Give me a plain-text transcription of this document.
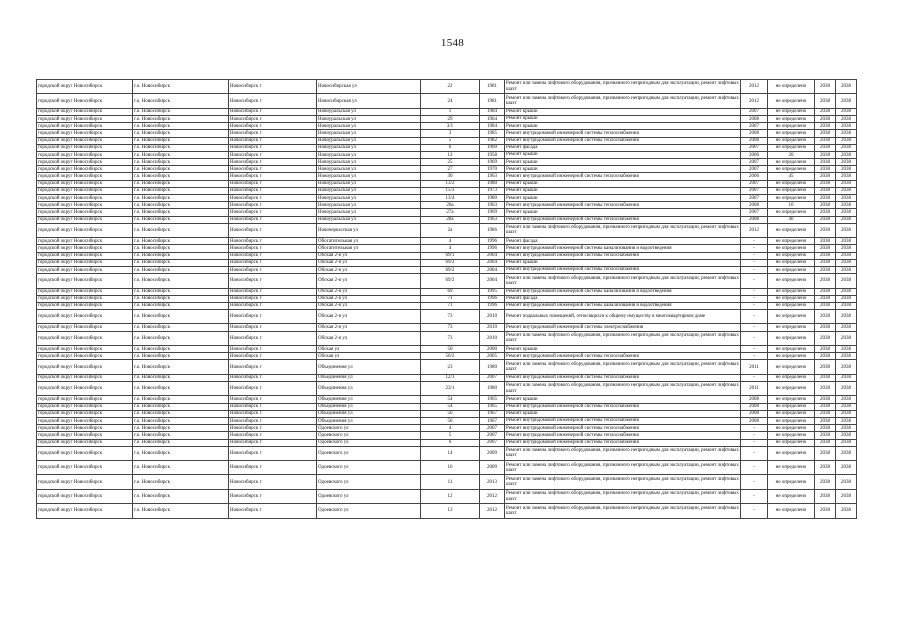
1548
городской округ Новосибирск	г.о. Новосибирск	Новосибирск г	Новосибирская ул	22	1981	Ремонт или замена лифтового оборудования, признанного непригодным для эксплуатации, ремонт лифтовых шахт	2012	не определено	2038	2038
городской округ Новосибирск	г.о. Новосибирск	Новосибирск г	Новосибирская ул	24	1981	Ремонт или замена лифтового оборудования, признанного непригодным для эксплуатации, ремонт лифтовых шахт	2012	не определено	2038	2038
городской округ Новосибирск	г.о. Новосибирск	Новосибирск г	Новоуральская ул	1	1984	Ремонт крыши	2007	не определено	2038	2038
городской округ Новосибирск	г.о. Новосибирск	Новосибирск г	Новоуральская ул	29	1964	Ремонт крыши	2008	не определено	2038	2038
городской округ Новосибирск	г.о. Новосибирск	Новосибирск г	Новоуральская ул	3/1	1984	Ремонт крыши	2007	не определено	2038	2038
городской округ Новосибирск	г.о. Новосибирск	Новосибирск г	Новоуральская ул	3	1985	Ремонт внутридомовой инженерной системы теплоснабжения	2008	не определено	2038	2038
городской округ Новосибирск	г.о. Новосибирск	Новосибирск г	Новоуральская ул	5	1982	Ремонт внутридомовой инженерной системы теплоснабжения	2008	не определено	2038	2038
городской округ Новосибирск	г.о. Новосибирск	Новосибирск г	Новоуральская ул	6	1960	Ремонт фасада	2007	не определено	2038	2038
городской округ Новосибирск	г.о. Новосибирск	Новосибирск г	Новоуральская ул	12	1958	Ремонт крыши	2006	20	2038	2038
городской округ Новосибирск	г.о. Новосибирск	Новосибирск г	Новоуральская ул	25	1969	Ремонт крыши	2007	не определено	2038	2038
городской округ Новосибирск	г.о. Новосибирск	Новосибирск г	Новоуральская ул	27	1970	Ремонт крыши	2007	не определено	2038	2038
городской округ Новосибирск	г.о. Новосибирск	Новосибирск г	Новоуральская ул	30	1963	Ремонт внутридомовой инженерной системы теплоснабжения	2006	45	2038	2038
городской округ Новосибирск	г.о. Новосибирск	Новосибирск г	Новоуральская ул	13/2	1980	Ремонт крыши	2007	не определено	2038	2038
городской округ Новосибирск	г.о. Новосибирск	Новосибирск г	Новоуральская ул	15/3	1973	Ремонт крыши	2007	не определено	2038	2038
городской округ Новосибирск	г.о. Новосибирск	Новосибирск г	Новоуральская ул	13/4	1980	Ремонт крыши	2007	не определено	2038	2038
городской округ Новосибирск	г.о. Новосибирск	Новосибирск г	Новоуральская ул	26а	1963	Ремонт внутридомовой инженерной системы теплоснабжения	2008	10	2038	2038
городской округ Новосибирск	г.о. Новосибирск	Новосибирск г	Новоуральская ул	27а	1969	Ремонт крыши	2007	не определено	2038	2038
городской округ Новосибирск	г.о. Новосибирск	Новосибирск г	Новоуральская ул	28а	1963	Ремонт внутридомовой инженерной системы теплоснабжения	2008	40	2038	2038
городской округ Новосибирск	г.о. Новосибирск	Новосибирск г	Новочеркасская ул	2а	1986	Ремонт или замена лифтового оборудования, признанного непригодным для эксплуатации, ремонт лифтовых шахт	2012	не определено	2038	2038
городской округ Новосибирск	г.о. Новосибирск	Новосибирск г	Обогатительная ул	4	1996	Ремонт фасада	-	не определено	2038	2038
городской округ Новосибирск	г.о. Новосибирск	Новосибирск г	Обогатительная ул	4	1996	Ремонт внутридомовой инженерной системы канализования и водоотведения	-	не определено	2038	2038
городской округ Новосибирск	г.о. Новосибирск	Новосибирск г	Обская 2-я ул	69/1	2004	Ремонт внутридомовой инженерной системы теплоснабжения	-	не определено	2038	2038
городской округ Новосибирск	г.о. Новосибирск	Новосибирск г	Обская 2-я ул	69/2	2004	Ремонт крыши	-	не определено	2038	2038
городской округ Новосибирск	г.о. Новосибирск	Новосибирск г	Обская 2-я ул	69/2	2004	Ремонт внутридомовой инженерной системы теплоснабжения	-	не определено	2038	2038
городской округ Новосибирск	г.о. Новосибирск	Новосибирск г	Обская 2-я ул	69/2	2004	Ремонт или замена лифтового оборудования, признанного непригодным для эксплуатации, ремонт лифтовых шахт	-	не определено	2038	2038
городской округ Новосибирск	г.о. Новосибирск	Новосибирск г	Обская 2-я ул	69	1995	Ремонт внутридомовой инженерной системы канализования и водоотведения	-	не определено	2038	2038
городской округ Новосибирск	г.о. Новосибирск	Новосибирск г	Обская 2-я ул	71	1996	Ремонт фасада	-	не определено	2038	2038
городской округ Новосибирск	г.о. Новосибирск	Новосибирск г	Обская 2-я ул	71	1996	Ремонт внутридомовой инженерной системы канализования и водоотведения	-	не определено	2038	2038
городской округ Новосибирск	г.о. Новосибирск	Новосибирск г	Обская 2-я ул	73	2010	Ремонт подвальных помещений, относящихся к общему имуществу в многоквартирном доме	-	не определено	2038	2038
городской округ Новосибирск	г.о. Новосибирск	Новосибирск г	Обская 2-я ул	73	2010	Ремонт внутридомовой инженерной системы электроснабжения	-	не определено	2038	2038
городской округ Новосибирск	г.о. Новосибирск	Новосибирск г	Обская 2-я ул	73	2010	Ремонт или замена лифтового оборудования, признанного непригодным для эксплуатации, ремонт лифтовых шахт	-	не определено	2038	2038
городской округ Новосибирск	г.о. Новосибирск	Новосибирск г	Обская ул	50	2000	Ремонт крыши	-	не определено	2038	2038
городской округ Новосибирск	г.о. Новосибирск	Новосибирск г	Обская ул	50/2	2005	Ремонт внутридомовой инженерной системы теплоснабжения	-	не определено	2038	2038
городской округ Новосибирск	г.о. Новосибирск	Новосибирск г	Объединения ул	23	1980	Ремонт или замена лифтового оборудования, признанного непригодным для эксплуатации, ремонт лифтовых шахт	2011	не определено	2038	2038
городской округ Новосибирск	г.о. Новосибирск	Новосибирск г	Объединения ул	12/1	2007	Ремонт внутридомовой инженерной системы теплоснабжения	-	не определено	2038	2038
городской округ Новосибирск	г.о. Новосибирск	Новосибирск г	Объединения ул	23/1	1980	Ремонт или замена лифтового оборудования, признанного непригодным для эксплуатации, ремонт лифтовых шахт	2011	не определено	2038	2038
городской округ Новосибирск	г.о. Новосибирск	Новосибирск г	Объединения ул	54	1965	Ремонт крыши	2008	не определено	2038	2038
городской округ Новосибирск	г.о. Новосибирск	Новосибирск г	Объединения ул	54	1965	Ремонт внутридомовой инженерной системы теплоснабжения	2008	не определено	2038	2038
городской округ Новосибирск	г.о. Новосибирск	Новосибирск г	Объединения ул	56	1967	Ремонт крыши	2008	не определено	2038	2038
городской округ Новосибирск	г.о. Новосибирск	Новосибирск г	Объединения ул	56	1967	Ремонт внутридомовой инженерной системы теплоснабжения	2008	не определено	2038	2038
городской округ Новосибирск	г.о. Новосибирск	Новосибирск г	Одоевского ул	4	2007	Ремонт внутридомовой инженерной системы теплоснабжения	-	не определено	2038	2038
городской округ Новосибирск	г.о. Новосибирск	Новосибирск г	Одоевского ул	5	2007	Ремонт внутридомовой инженерной системы теплоснабжения	-	не определено	2038	2038
городской округ Новосибирск	г.о. Новосибирск	Новосибирск г	Одоевского ул	6	2007	Ремонт внутридомовой инженерной системы теплоснабжения	-	не определено	2038	2038
городской округ Новосибирск	г.о. Новосибирск	Новосибирск г	Одоевского ул	14	2009	Ремонт или замена лифтового оборудования, признанного непригодным для эксплуатации, ремонт лифтовых шахт	-	не определено	2038	2038
городской округ Новосибирск	г.о. Новосибирск	Новосибирск г	Одоевского ул	16	2009	Ремонт или замена лифтового оборудования, признанного непригодным для эксплуатации, ремонт лифтовых шахт	-	не определено	2038	2038
городской округ Новосибирск	г.о. Новосибирск	Новосибирск г	Одоевского ул	11	2013	Ремонт или замена лифтового оборудования, признанного непригодным для эксплуатации, ремонт лифтовых шахт	-	не определено	2038	2038
городской округ Новосибирск	г.о. Новосибирск	Новосибирск г	Одоевского ул	12	2012	Ремонт или замена лифтового оборудования, признанного непригодным для эксплуатации, ремонт лифтовых шахт	-	не определено	2038	2038
городской округ Новосибирск	г.о. Новосибирск	Новосибирск г	Одоевского ул	13	2012	Ремонт или замена лифтового оборудования, признанного непригодным для эксплуатации, ремонт лифтовых шахт	-	не определено	2038	2038
